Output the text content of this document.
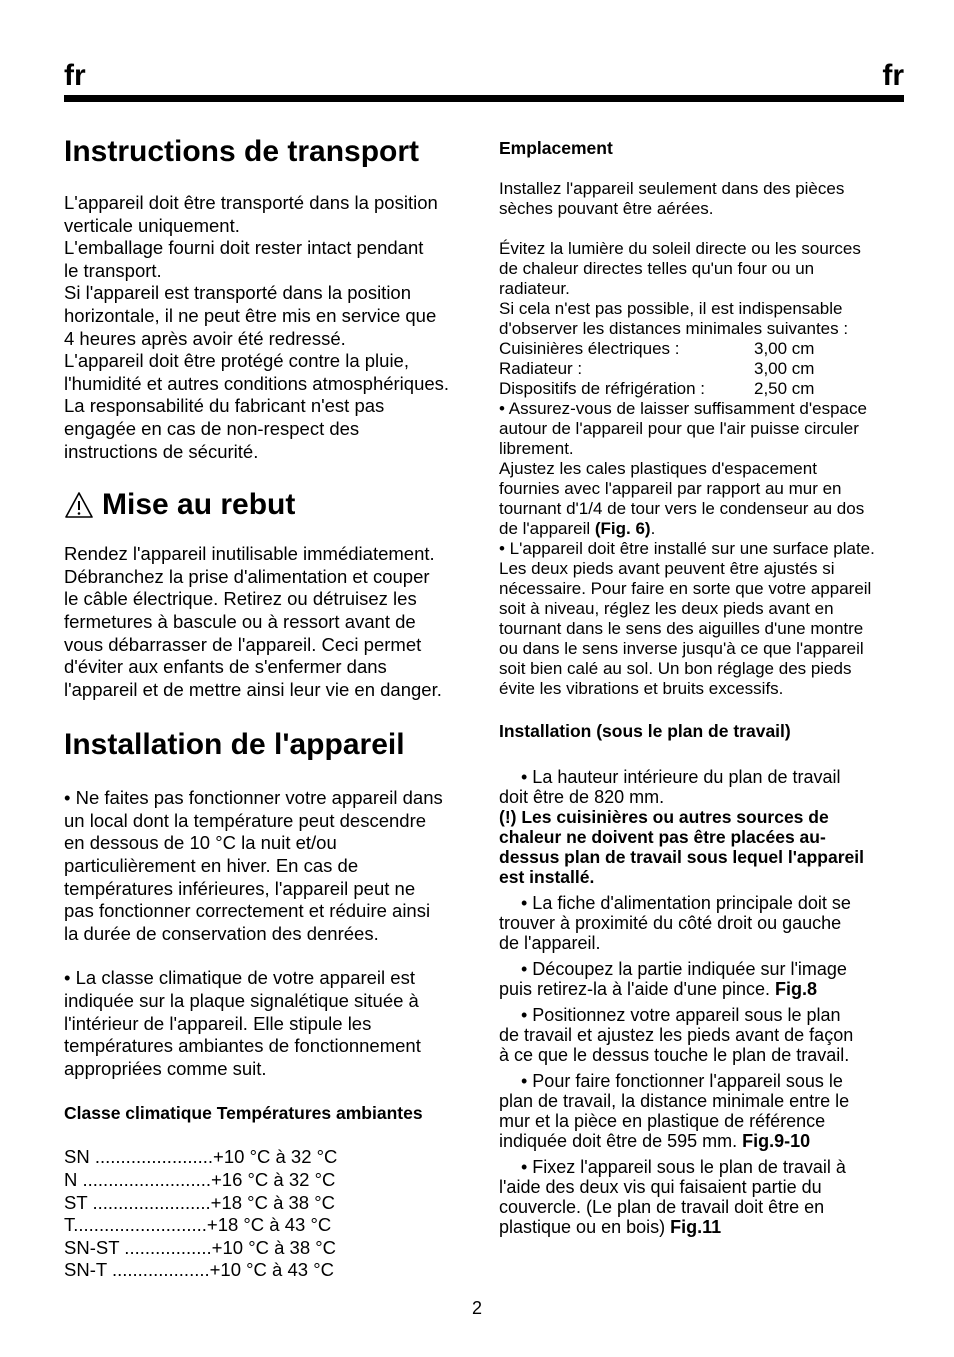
fr	fr
Instructions de transport

L'appareil doit être transporté dans la position
verticale uniquement.
L'emballage fourni doit rester intact pendant
le transport.
Si l'appareil est transporté dans la position
horizontale, il ne peut être mis en service que
4 heures après avoir été redressé.
L'appareil doit être protégé contre la pluie,
l'humidité et autres conditions atmosphériques.
La responsabilité du fabricant n'est pas
engagée en cas de non-respect des
instructions de sécurité.

Mise au rebut

Rendez l'appareil inutilisable immédiatement.
Débranchez la prise d'alimentation et couper
le câble électrique. Retirez ou détruisez les
fermetures à bascule ou à ressort avant de
vous débarrasser de l'appareil. Ceci permet
d'éviter aux enfants de s'enfermer dans
l'appareil et de mettre ainsi leur vie en danger.

Installation de l'appareil

• Ne faites pas fonctionner votre appareil dans
un local dont la température peut descendre
en dessous de 10 °C la nuit et/ou
particulièrement en hiver. En cas de
températures inférieures, l'appareil peut ne
pas fonctionner correctement et réduire ainsi
la durée de conservation des denrées.

• La classe climatique de votre appareil est
indiquée sur la plaque signalétique située à
l'intérieur de l'appareil. Elle stipule les
températures ambiantes de fonctionnement
appropriées comme suit.

Classe climatique Températures ambiantes
SN .......................+10 °C à 32 °C
N .........................+16 °C à 32 °C
ST .......................+18 °C à 38 °C
T..........................+18 °C à 43 °C
SN-ST .................+10 °C à 38 °C
SN-T ...................+10 °C à 43 °C
Emplacement

Installez l'appareil seulement dans des pièces
sèches pouvant être aérées.

Évitez la lumière du soleil directe ou les sources
de chaleur directes telles qu'un four ou un
radiateur.
Si cela n'est pas possible, il est indispensable
d'observer les distances minimales suivantes :

Cuisinières électriques :	3,00 cm
Radiateur :	3,00 cm
Dispositifs de réfrigération :	2,50 cm

• Assurez-vous de laisser suffisamment d'espace
autour de l'appareil pour que l'air puisse circuler
librement.
Ajustez les cales plastiques d'espacement
fournies avec l'appareil par rapport au mur en
tournant d'1/4 de tour vers le condenseur au dos
de l'appareil (Fig. 6).

• L'appareil doit être installé sur une surface plate.
Les deux pieds avant peuvent être ajustés si
nécessaire. Pour faire en sorte que votre appareil
soit à niveau, réglez les deux pieds avant en
tournant dans le sens des aiguilles d'une montre
ou dans le sens inverse jusqu'à ce que l'appareil
soit bien calé au sol. Un bon réglage des pieds
évite les vibrations et bruits excessifs.

Installation (sous le plan de travail)

• La hauteur intérieure du plan de travail
doit être de 820 mm.

(!) Les cuisinières ou autres sources de
chaleur ne doivent pas être placées au-
dessus plan de travail sous lequel l'appareil
est installé.

• La fiche d'alimentation principale doit se
trouver à proximité du côté droit ou gauche
de l'appareil.

• Découpez la partie indiquée sur l'image
puis retirez-la à l'aide d'une pince. Fig.8

• Positionnez votre appareil sous le plan
de travail et ajustez les pieds avant de façon
à ce que le dessus touche le plan de travail.

• Pour faire fonctionner l'appareil sous le
plan de travail, la distance minimale entre le
mur et la pièce en plastique de référence
indiquée doit être de 595 mm. Fig.9-10

• Fixez l'appareil sous le plan de travail à
l'aide des deux vis qui faisaient partie du
couvercle. (Le plan de travail doit être en
plastique ou en bois) Fig.11

2
